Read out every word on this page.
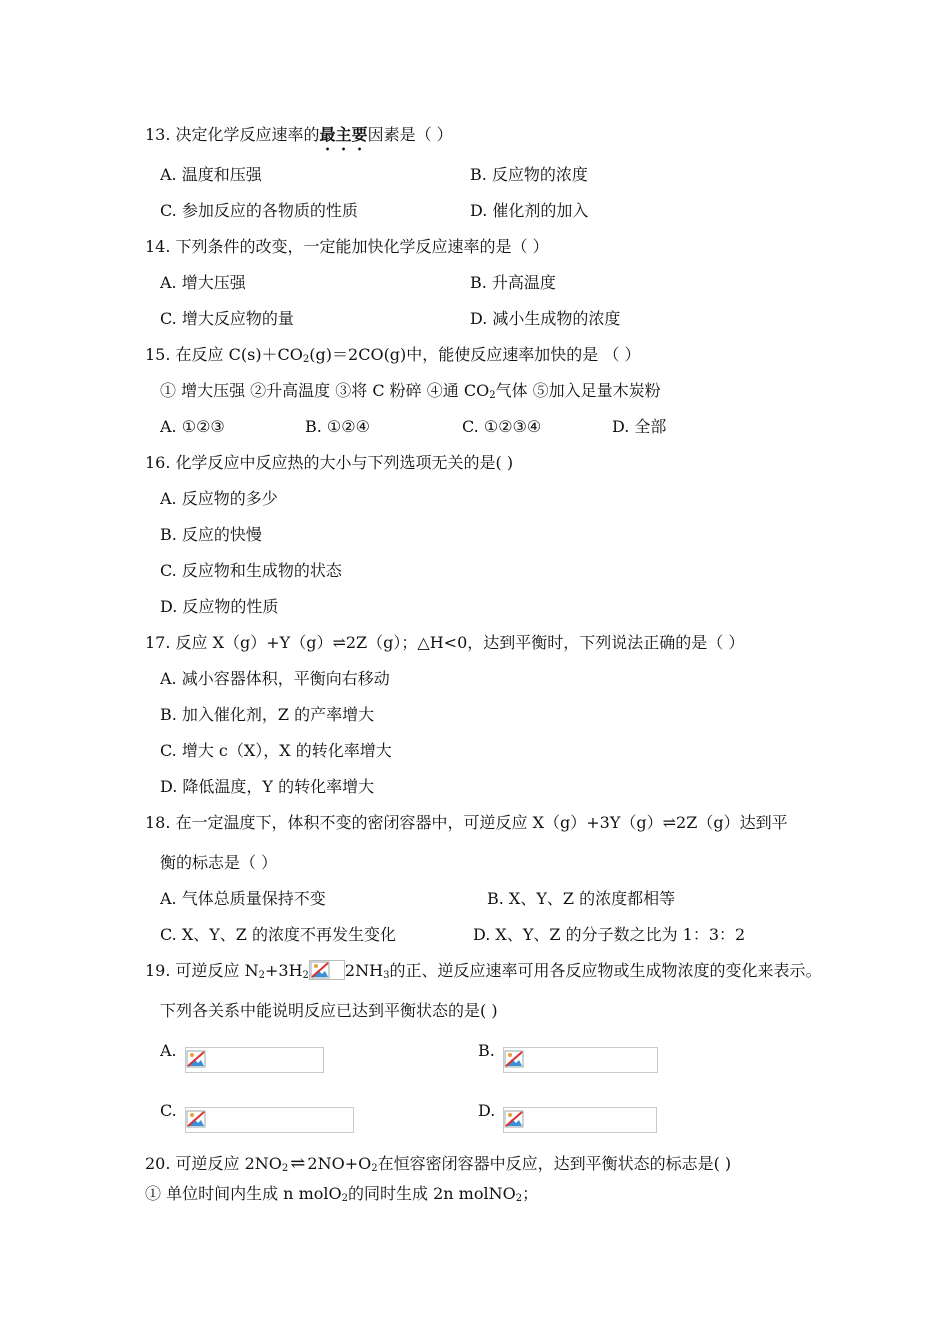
13. 决定化学反应速率的最主要因素是（ ）
A. 温度和压强	B. 反应物的浓度
C. 参加反应的各物质的性质	D. 催化剂的加入
14. 下列条件的改变，一定能加快化学反应速率的是（ ）
A. 增大压强	B. 升高温度
C. 增大反应物的量	D. 减小生成物的浓度
15. 在反应 $C(s)+CO_2(g)=2CO(g)$中，能使反应速率加快的是 （ ）
① 增大压强 ②升高温度 ③将 C 粉碎 ④通 $CO_2$气体 ⑤加入足量木炭粉
A. ①②③	B. ①②④	C. ①②③④	D. 全部
16. 化学反应中反应热的大小与下列选项无关的是( )
A. 反应物的多少
B. 反应的快慢
C. 反应物和生成物的状态
D. 反应物的性质
17. 反应 X（g）+Y（g）⇌2Z（g）；△H<0，达到平衡时，下列说法正确的是（ ）
A. 减小容器体积，平衡向右移动
B. 加入催化剂，Z 的产率增大
C. 增大 c（X），X 的转化率增大
D. 降低温度，Y 的转化率增大
18. 在一定温度下，体积不变的密闭容器中，可逆反应 X（g）+3Y（g）⇌2Z（g）达到平
衡的标志是（ ）
A. 气体总质量保持不变	B. X、Y、Z 的浓度都相等
C. X、Y、Z 的浓度不再发生变化	D. X、Y、Z 的分子数之比为 1：3：2
19. 可逆反应 $N_2+3H_2$ $2NH_3$的正、逆反应速率可用各反应物或生成物浓度的变化来表示。
下列各关系中能说明反应已达到平衡状态的是( )
A.	B.
C.	D.
20. 可逆反应 $2NO_2$ ⇌ $2NO+O_2$在恒容密闭容器中反应，达到平衡状态的标志是( )
① 单位时间内生成 n molO$_2$的同时生成 2n molNO$_2$；
